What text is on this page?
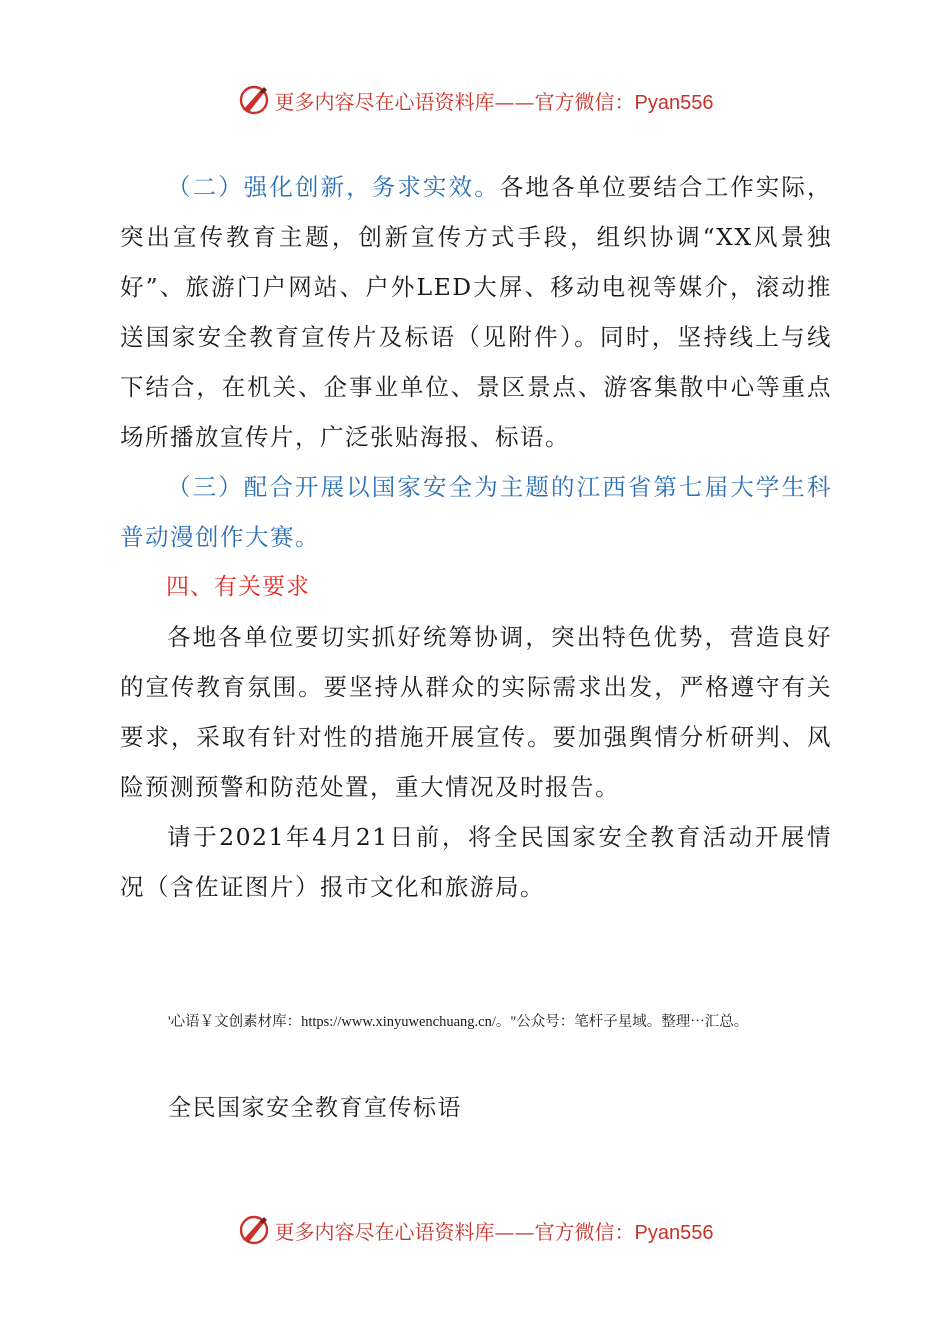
更多内容尽在心语资料库——官方微信：Pyan556

（二）强化创新，务求实效。各地各单位要结合工作实际，突出宣传教育主题，创新宣传方式手段，组织协调“XX风景独好”、旅游门户网站、户外LED大屏、移动电视等媒介，滚动推送国家安全教育宣传片及标语（见附件）。同时，坚持线上与线下结合，在机关、企事业单位、景区景点、游客集散中心等重点场所播放宣传片，广泛张贴海报、标语。

（三）配合开展以国家安全为主题的江西省第七届大学生科普动漫创作大赛。

四、有关要求

各地各单位要切实抓好统筹协调，突出特色优势，营造良好的宣传教育氛围。要坚持从群众的实际需求出发，严格遵守有关要求，采取有针对性的措施开展宣传。要加强舆情分析研判、风险预测预警和防范处置，重大情况及时报告。

请于2021年4月21日前，将全民国家安全教育活动开展情况（含佐证图片）报市文化和旅游局。

'心语￥文创素材库：https://www.xinyuwenchuang.cn/。"公众号：笔杆子星域。整理⋯汇总。
全民国家安全教育宣传标语
更多内容尽在心语资料库——官方微信：Pyan556
